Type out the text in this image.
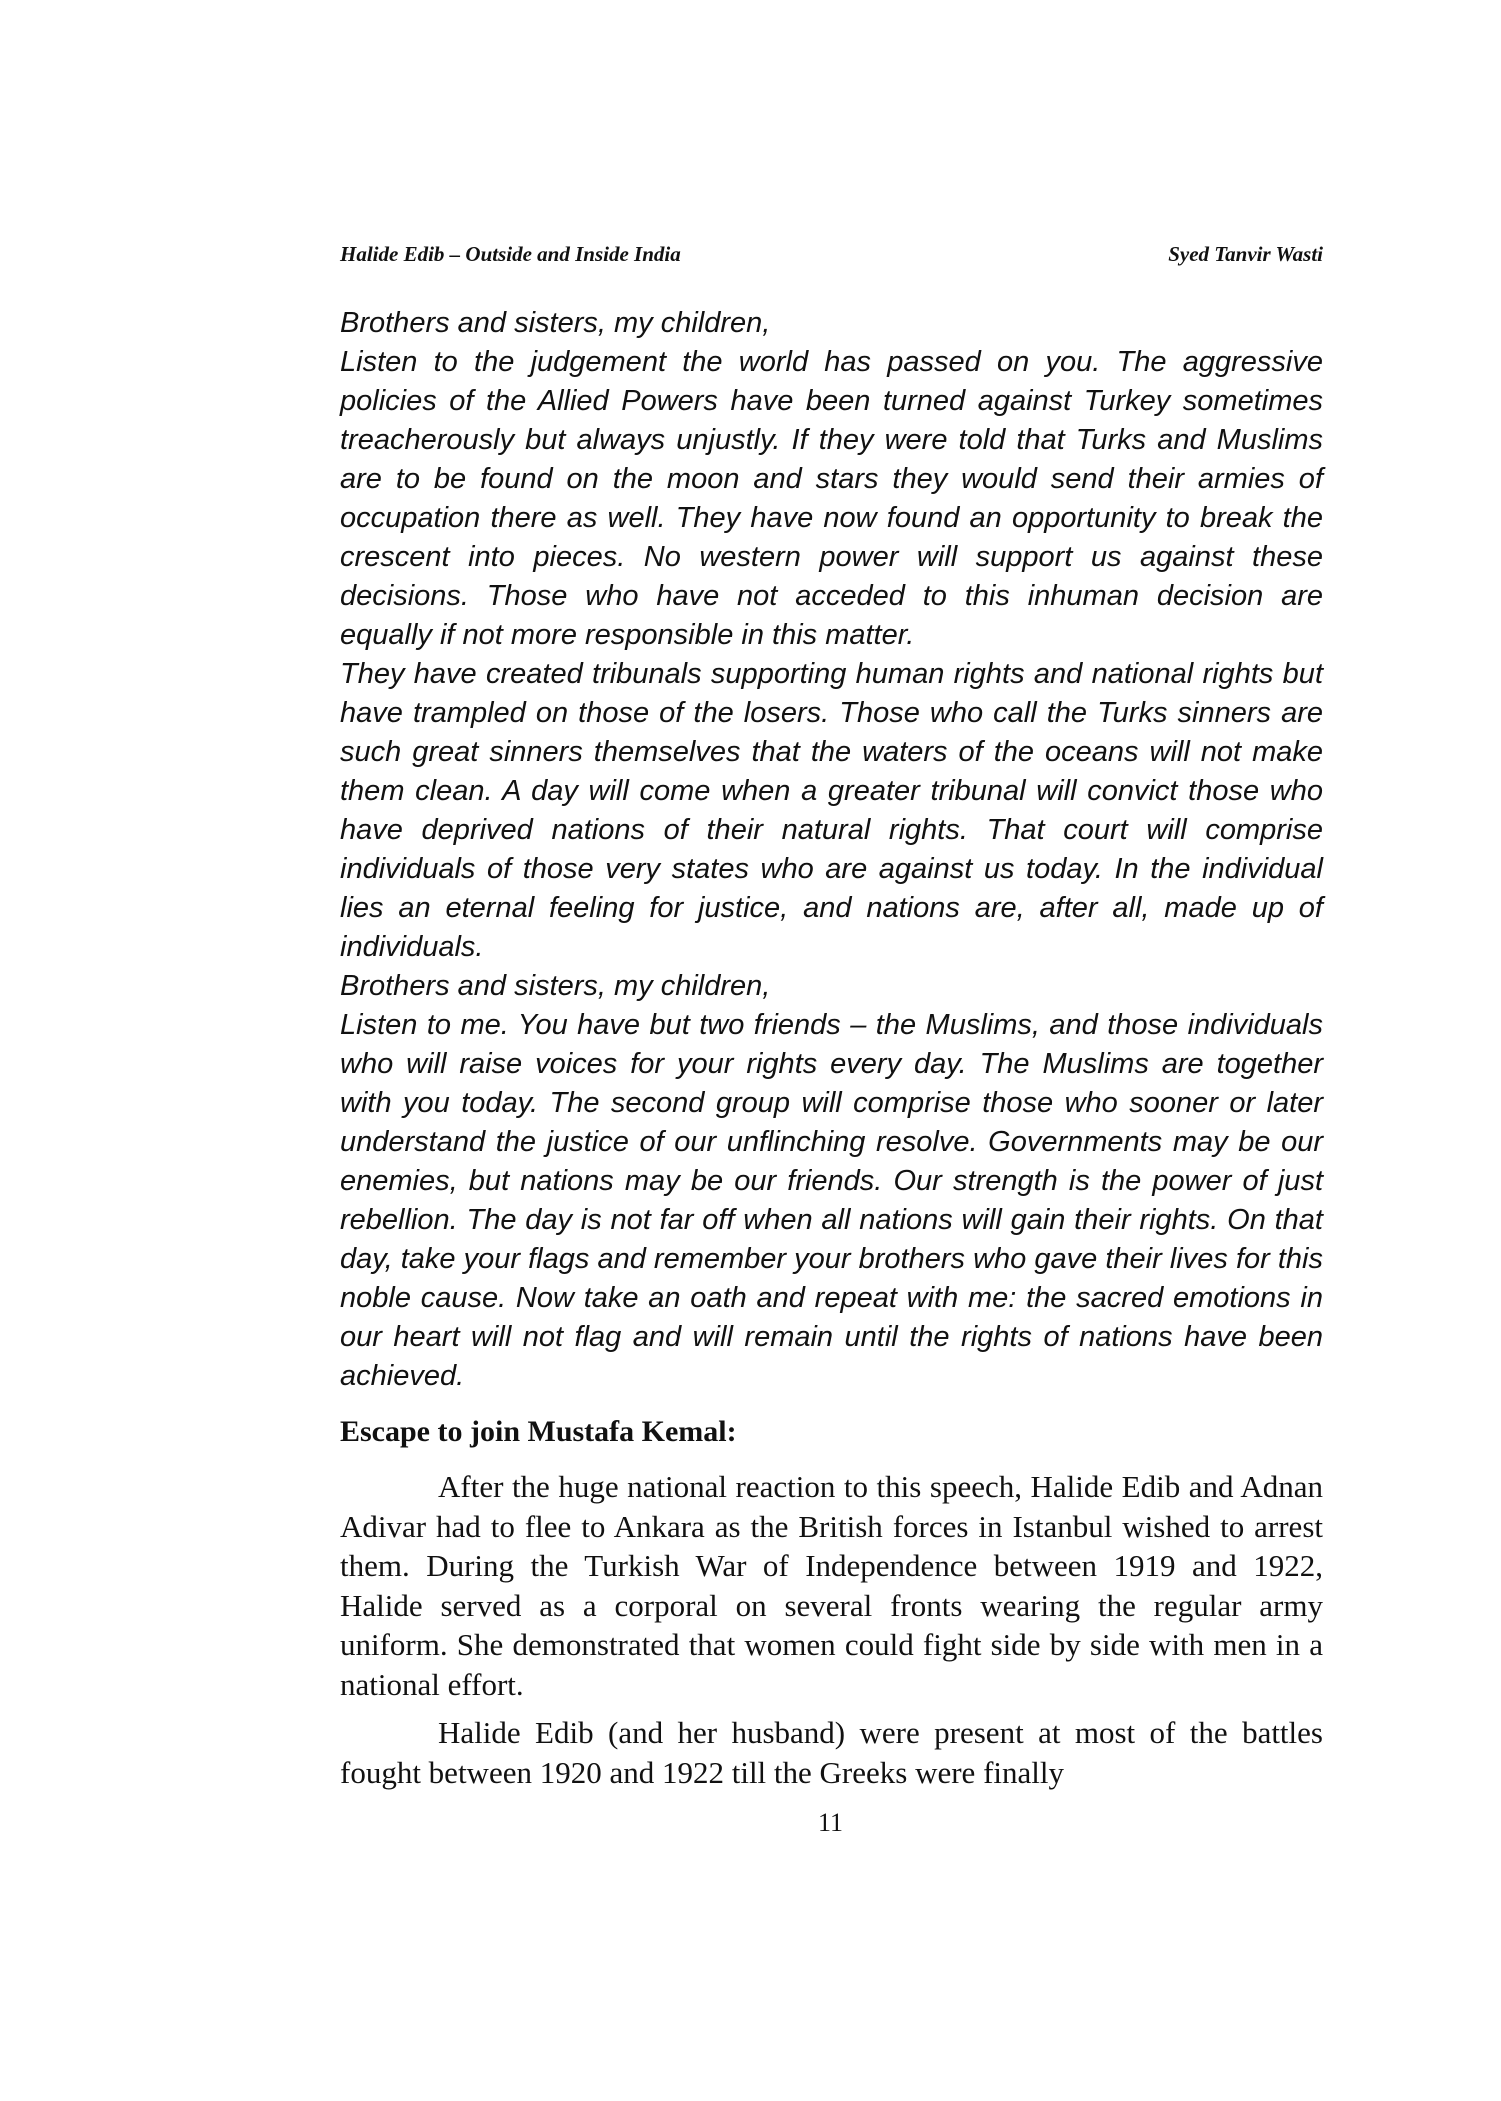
Halide Edib – Outside and Inside India	Syed Tanvir Wasti

Brothers and sisters, my children,

Listen to the judgement the world has passed on you. The aggressive policies of the Allied Powers have been turned against Turkey sometimes treacherously but always unjustly. If they were told that Turks and Muslims are to be found on the moon and stars they would send their armies of occupation there as well. They have now found an opportunity to break the crescent into pieces. No western power will support us against these decisions. Those who have not acceded to this inhuman decision are equally if not more responsible in this matter.

They have created tribunals supporting human rights and national rights but have trampled on those of the losers. Those who call the Turks sinners are such great sinners themselves that the waters of the oceans will not make them clean. A day will come when a greater tribunal will convict those who have deprived nations of their natural rights. That court will comprise individuals of those very states who are against us today. In the individual lies an eternal feeling for justice, and nations are, after all, made up of individuals.

Brothers and sisters, my children,

Listen to me. You have but two friends – the Muslims, and those individuals who will raise voices for your rights every day. The Muslims are together with you today. The second group will comprise those who sooner or later understand the justice of our unflinching resolve. Governments may be our enemies, but nations may be our friends. Our strength is the power of just rebellion. The day is not far off when all nations will gain their rights. On that day, take your flags and remember your brothers who gave their lives for this noble cause. Now take an oath and repeat with me: the sacred emotions in our heart will not flag and will remain until the rights of nations have been achieved.

Escape to join Mustafa Kemal:

After the huge national reaction to this speech, Halide Edib and Adnan Adivar had to flee to Ankara as the British forces in Istanbul wished to arrest them. During the Turkish War of Independence between 1919 and 1922, Halide served as a corporal on several fronts wearing the regular army uniform. She demonstrated that women could fight side by side with men in a national effort.

Halide Edib (and her husband) were present at most of the battles fought between 1920 and 1922 till the Greeks were finally

11
